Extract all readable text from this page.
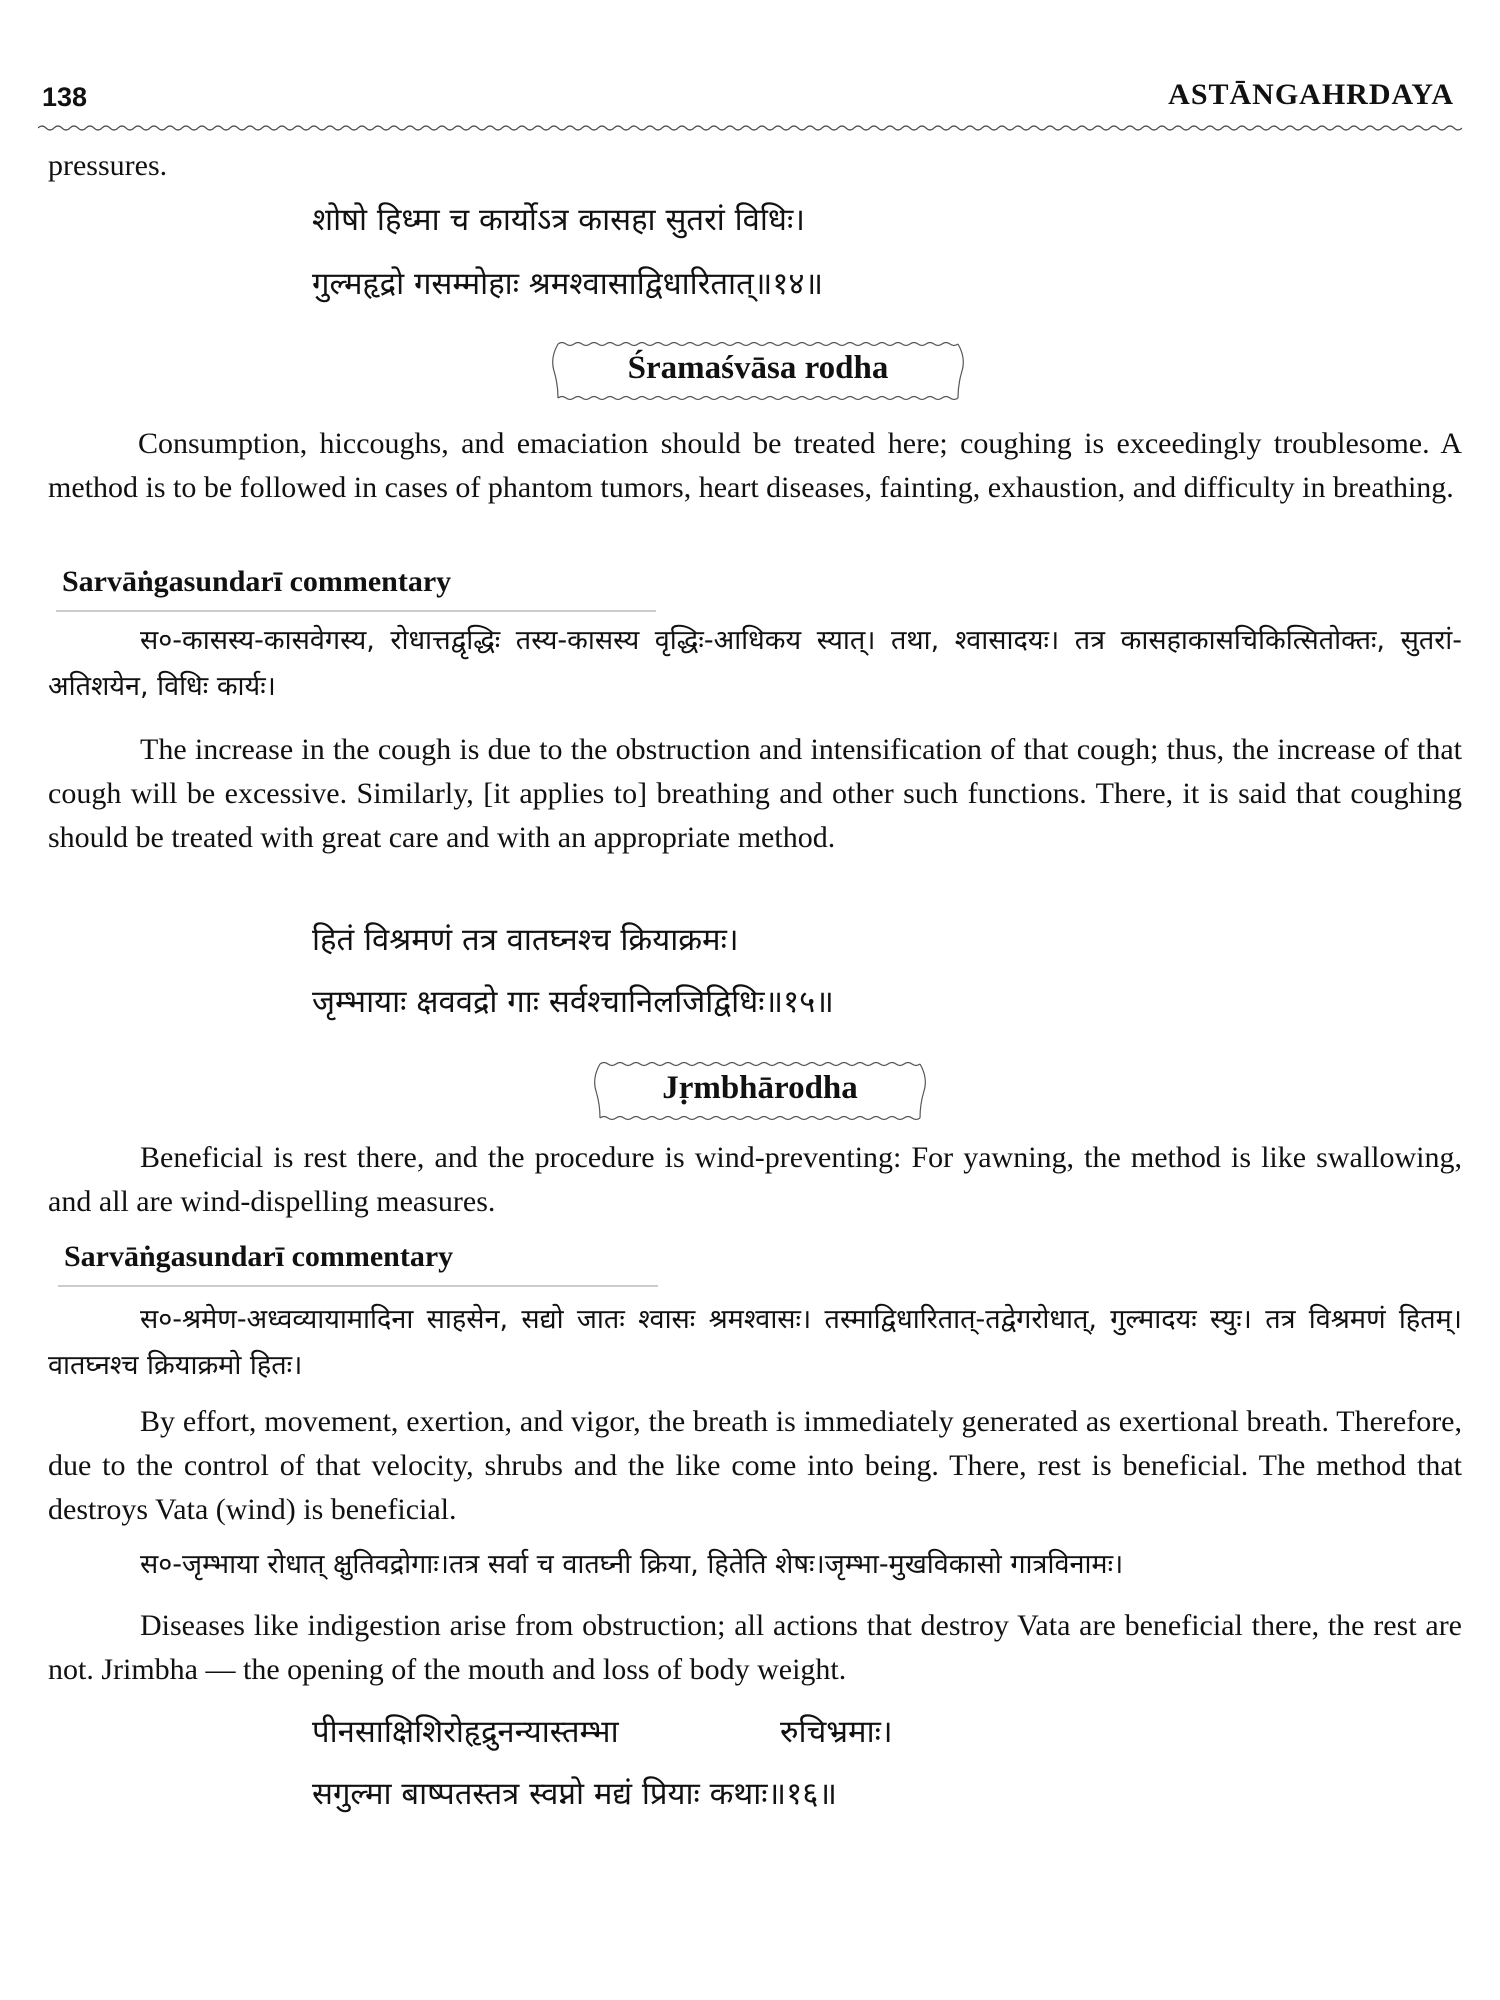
138	ASTĀNGAHRDAYA
pressures.
शोषो हिध्मा च कार्योऽत्र कासहा सुतरां विधिः।
गुल्महृद्रो गसम्मोहाः श्रमश्वासाद्विधारितात्॥१४॥
Śramaśvāsa rodha
Consumption, hiccoughs, and emaciation should be treated here; coughing is exceedingly troublesome. A method is to be followed in cases of phantom tumors, heart diseases, fainting, exhaustion, and difficulty in breathing.
Sarvāṅgasundarī commentary
स०-कासस्य-कासवेगस्य, रोधात्तद्वृद्धिः तस्य-कासस्य वृद्धिः-आधिकय स्यात्। तथा, श्वासादयः। तत्र कासहाकासचिकित्सितोक्तः, सुतरां-अतिशयेन, विधिः कार्यः।
The increase in the cough is due to the obstruction and intensification of that cough; thus, the increase of that cough will be excessive. Similarly, [it applies to] breathing and other such functions. There, it is said that coughing should be treated with great care and with an appropriate method.
हितं विश्रमणं तत्र वातघ्नश्च क्रियाक्रमः।
जृम्भायाः क्षववद्रो गाः सर्वश्चानिलजिद्विधिः॥१५॥
Jṛmbhārodha
Beneficial is rest there, and the procedure is wind-preventing: For yawning, the method is like swallowing, and all are wind-dispelling measures.
Sarvāṅgasundarī commentary
स०-श्रमेण-अध्वव्यायामादिना साहसेन, सद्यो जातः श्वासः श्रमश्वासः। तस्माद्विधारितात्-तद्वेगरोधात्, गुल्मादयः स्युः। तत्र विश्रमणं हितम्। वातघ्नश्च क्रियाक्रमो हितः।
By effort, movement, exertion, and vigor, the breath is immediately generated as exertional breath. Therefore, due to the control of that velocity, shrubs and the like come into being. There, rest is beneficial. The method that destroys Vata (wind) is beneficial.
स०-जृम्भाया रोधात् क्षुतिवद्रोगाः।तत्र सर्वा च वातघ्नी क्रिया, हितेति शेषः।जृम्भा-मुखविकासो गात्रविनामः।
Diseases like indigestion arise from obstruction; all actions that destroy Vata are beneficial there, the rest are not. Jrimbha — the opening of the mouth and loss of body weight.
पीनसाक्षिशिरोहृद्रुनन्यास्तम्भा	रुचिभ्रमाः।
सगुल्मा बाष्पतस्तत्र स्वप्नो मद्यं प्रियाः कथाः॥१६॥
